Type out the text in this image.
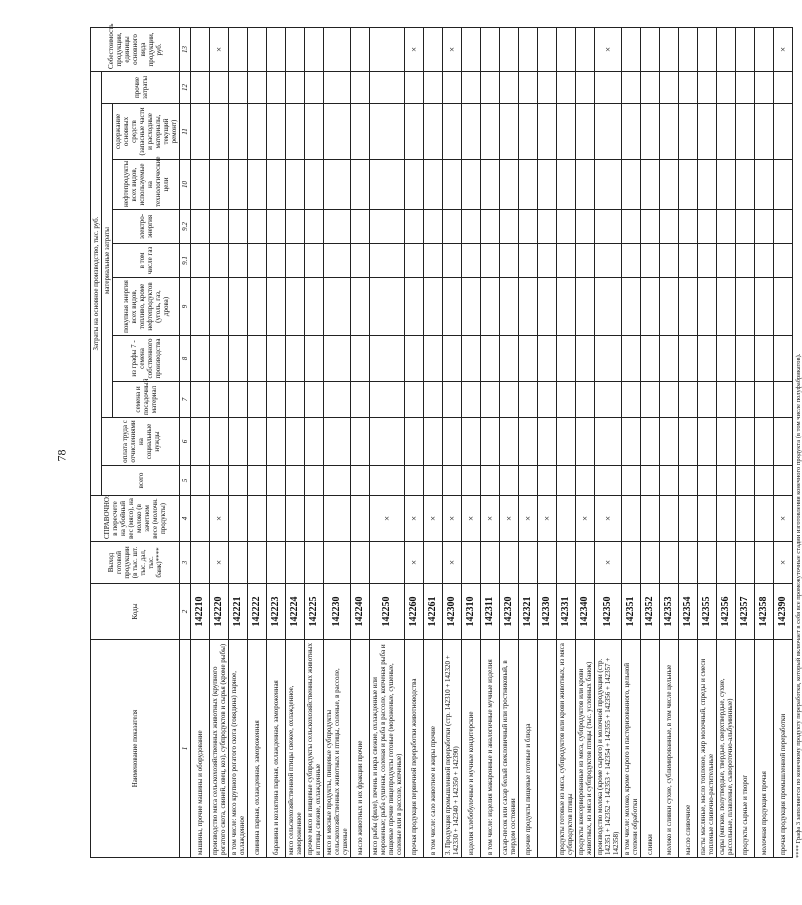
78
Наименование показателя	Коды	Выход готовой продукции (в тыс. шт. тыс. дал, тыс. банк)****	СПРАВОЧНО: в пересчете на убойный вес (мясо), на молоко (в зачетном весе (молочн. продукты)	Затраты на основное производство, тыс. руб.										Себестоимость продукции, единицы основного вида продукции, руб.
				всего	оплата труда с отчислениями на социальные нужды	материальные затраты							прочие затраты	
						семена и посадочный материал	из графы 7 - семена собственного производства	покупная энергия всех видов, топливо, кроме нефтепродуктов (уголь, газ, дрова)	в том числе газ	электро-энергия	нефтепродукты всех видов, используемые на технологические цели	содержание основных средств (запасные части и расходные материалы, текущий ремонт)		
1	2	3	4	5	6	7	8	9	9.1	9.2	10	11	12	13
машины, прочие машины и оборудование	142210													
производство мяса сельскохозяйственных животных (крупного рогатого скота, свиней, овец, коз), субпродуктов и сырья (кроме рыбы)	142220	×	×											×
в том числе: мясо крупного рогатого скота (говядина) парное, охлажденное	142221													
свинина парная, охлажденная, замороженная	142222													
баранина и козлятина парная, охлажденная, замороженная	142223													
мясо сельскохозяйственной птицы свежее, охлажденное, замороженное	142224													
прочее мясо и пищевые субпродукты сельскохозяйственных животных и птицы свежие, охлажденные	142225													
мясо и мясные продукты, пищевые субпродукты сельскохозяйственных животных и птицы, соленые, в рассоле, сушеные	142230													
масло животных и их фракции прочие	142240													
мясо рыбы (филе), печень и икра свежие, охлажденные или мороженые; рыба сушеная, соленая и рыба в рассоле, копченая рыба и пищевые прочие пищепродукты готовые (мороженые, сушеные, соленые или в рассоле, копченые)	142250		×											
прочая продукция первичной переработки животноводства	142260	×	×											×
в том числе: сало животное и жиры прочие	142261		×											
3. Продукция промышленной переработки (стр. 142310 + 142320 + 142330 + 142340 + 142350 + 142390)	142300	×	×											×
изделия хлебобулочные и мучные кондитерские	142310		×											
в том числе: изделия макаронные и аналогичные мучные изделия	142311		×											
сахар-песок или сахар белый свекловичный или тростниковый, в твердом состоянии	142320		×											
прочие продукты пищевые готовые и блюда	142321		×											
	142330		×											
продукты готовые из мяса, субпродуктов или крови животных, из мяса субпродуктов птицы	142331													
продукты консервированные из мяса, субпродуктов или крови животных, из мяса и субпродуктов птицы (тыс. условных банок)	142340		×											
производство молока (кроме сырого) и молочной продукции (стр. 142351 + 142352 + 142353 + 142354 + 142355 + 142356 + 142357 + 142358)	142350	×	×											×
в том числе: молоко, кроме сырого и пастеризованного, цельной степени обработки	142351													
сливки	142352													
молоко и сливки сухие, сублимированные, в том числе цельные	142353													
масло сливочное	142354													
пасты масляные, масло топленое, жир молочный, спреды и смеси топленые сливочно-растительные	142355													
сыры (мягкие, полутвердые, твердые, сверхтвердые, сухие, рассольные, плавленые, сывороточно-альбуминные)	142356													
продукты сырные и творог	142357													
молочная продукция прочая	142358													
прочая продукция промышленной переработки	142390	×	×											×
**** Графа 3 заполняется по конечному продукту переработки, который включает в себя все промежуточные стадии изготовления конечного продукта (в том числе полуфабрикатов).
